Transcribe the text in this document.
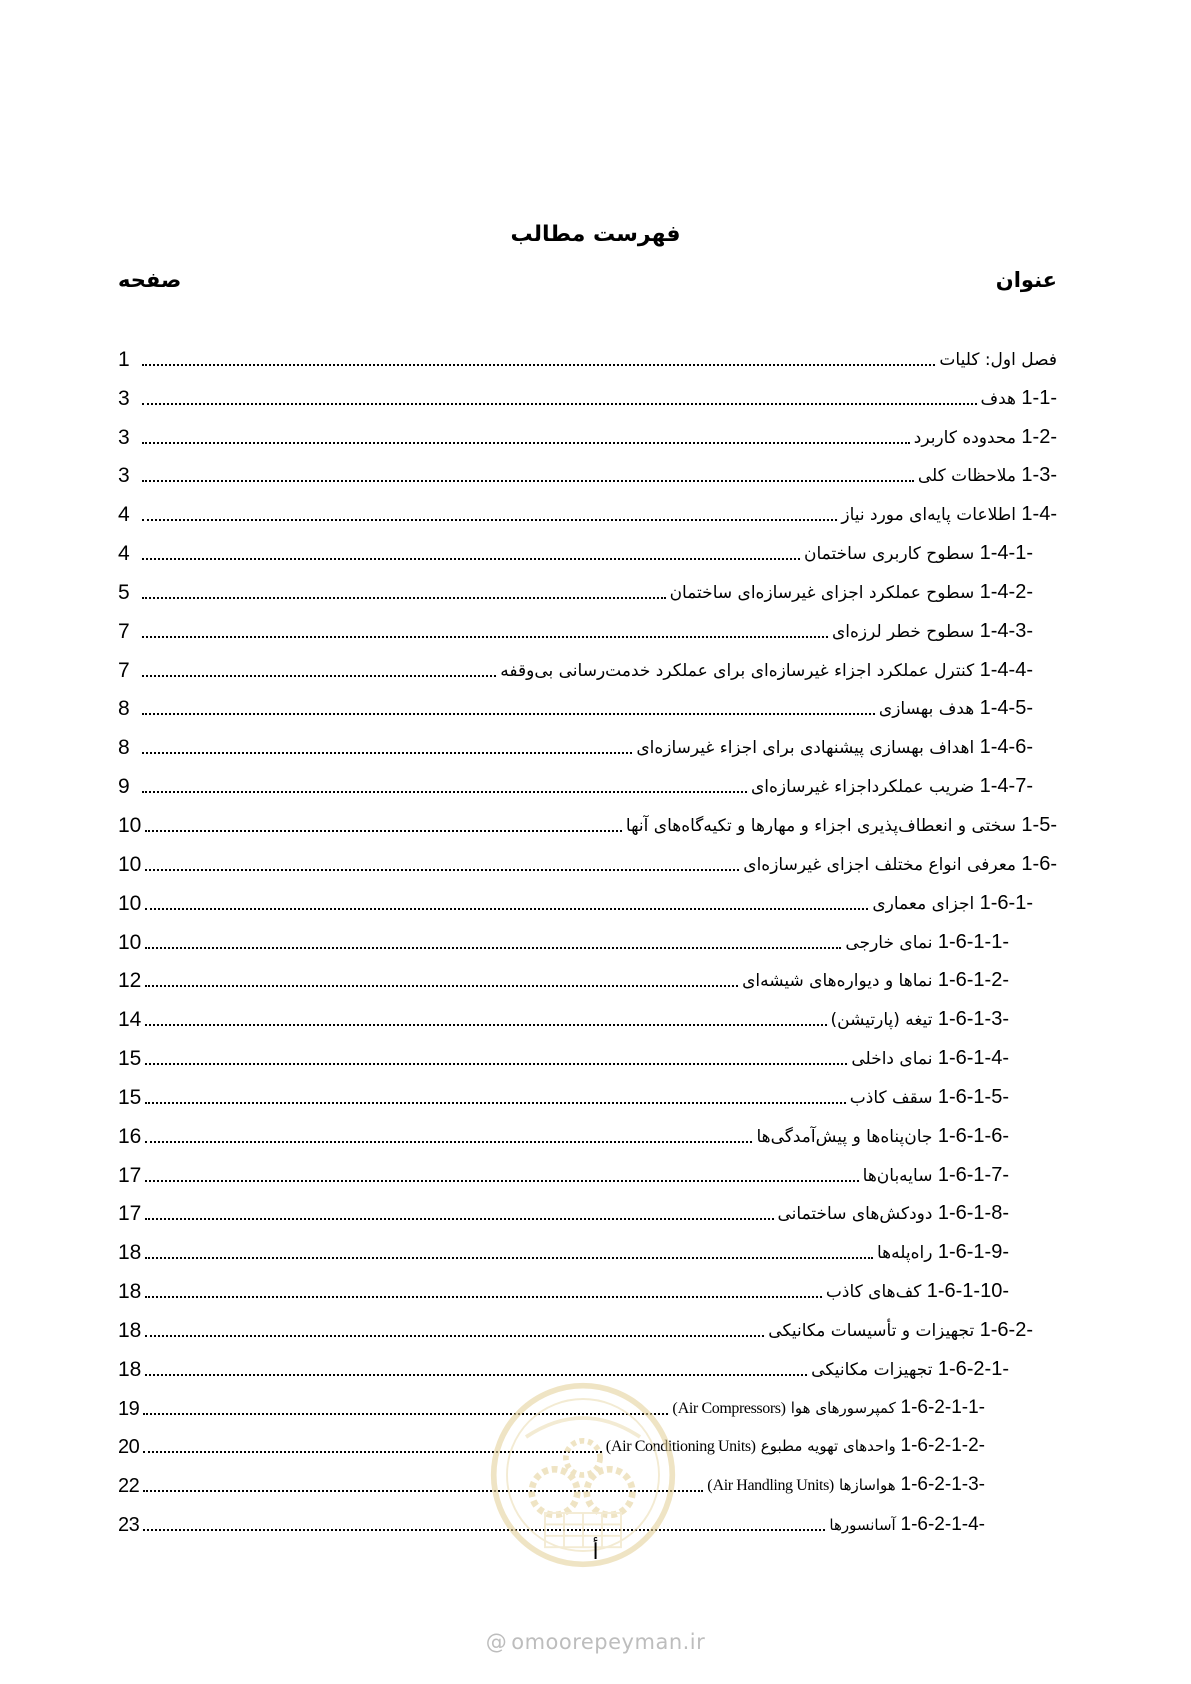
فهرست مطالب
عنوان
صفحه
فصل اول: کلیات
1
1-1- هدف
3
1-2- محدوده کاربرد
3
1-3- ملاحظات کلی
3
1-4- اطلاعات پایه‌ای مورد نیاز
4
1-4-1- سطوح کاربری ساختمان
4
1-4-2- سطوح عملکرد اجزای غیرسازه‌ای ساختمان
5
1-4-3- سطوح خطر لرزه‌ای
7
1-4-4- کنترل عملکرد اجزاء غیرسازه‌ای برای عملکرد خدمت‌رسانی بی‌وقفه
7
1-4-5- هدف بهسازی
8
1-4-6- اهداف بهسازی پیشنهادی برای اجزاء غیرسازه‌ای
8
1-4-7- ضریب عملکرداجزاء غیرسازه‌ای
9
1-5- سختی و انعطاف‌پذیری اجزاء و مهارها و تکیه‌گاه‌های آنها
10
1-6- معرفی انواع مختلف اجزای غیرسازه‌ای
10
1-6-1- اجزای معماری
10
1-6-1-1- نمای خارجی
10
1-6-1-2- نماها و دیواره‌های شیشه‌ای
12
1-6-1-3- تیغه (پارتیشن)
14
1-6-1-4- نمای داخلی
15
1-6-1-5- سقف کاذب
15
1-6-1-6- جان‌پناه‌ها و پیش‌آمدگی‌ها
16
1-6-1-7- سایه‌بان‌ها
17
1-6-1-8- دودکش‌های ساختمانی
17
1-6-1-9- راه‌پله‌ها
18
1-6-1-10- کف‌های کاذب
18
1-6-2- تجهیزات و تأسیسات مکانیکی
18
1-6-2-1- تجهیزات مکانیکی
18
1-6-2-1-1- کمپرسورهای هوا (Air Compressors)
19
1-6-2-1-2- واحدهای تهویه مطبوع (Air Conditioning Units)
20
1-6-2-1-3- هواسازها (Air Handling Units)
22
1-6-2-1-4- آسانسورها
23
أ
@ omoorepeyman.ir
